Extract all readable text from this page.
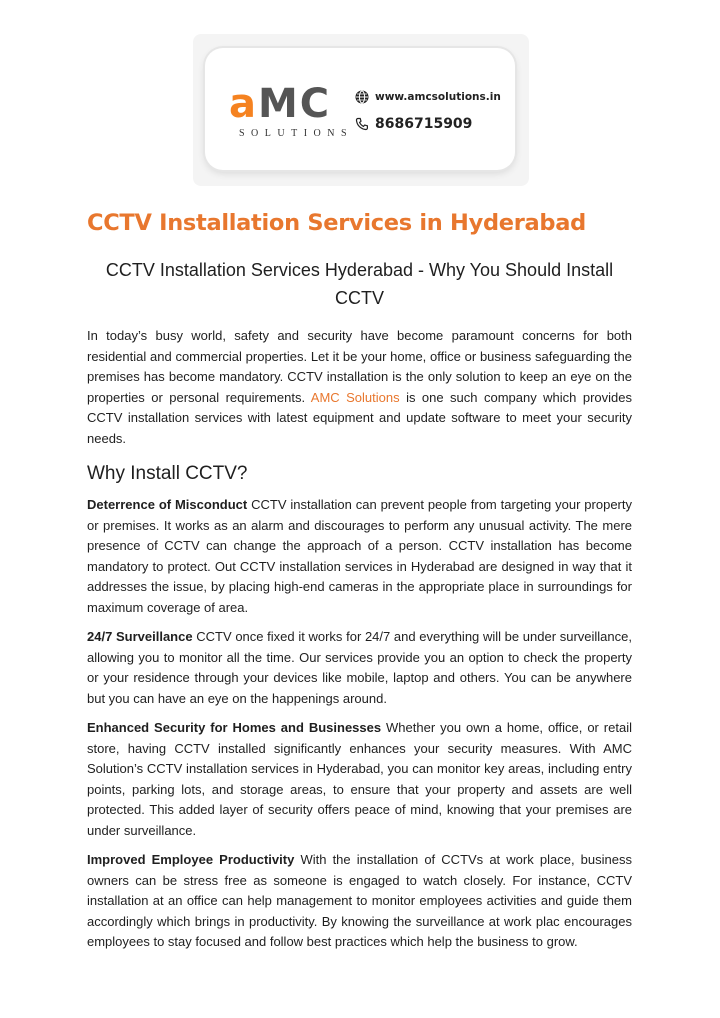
aMC
SOLUTIONS
www.amcsolutions.in
8686715909
CCTV Installation Services in Hyderabad
CCTV Installation Services Hyderabad - Why You Should Install CCTV

In today’s busy world, safety and security have become paramount concerns for both residential and commercial properties. Let it be your home, office or business safeguarding the premises has become mandatory. CCTV installation is the only solution to keep an eye on the properties or personal requirements. AMC Solutions is one such company which provides CCTV installation services with latest equipment and update software to meet your security needs.

Why Install CCTV?

Deterrence of Misconduct CCTV installation can prevent people from targeting your property or premises. It works as an alarm and discourages to perform any unusual activity. The mere presence of CCTV can change the approach of a person. CCTV installation has become mandatory to protect. Out CCTV installation services in Hyderabad are designed in way that it addresses the issue, by placing high-end cameras in the appropriate place in surroundings for maximum coverage of area.

24/7 Surveillance CCTV once fixed it works for 24/7 and everything will be under surveillance, allowing you to monitor all the time. Our services provide you an option to check the property or your residence through your devices like mobile, laptop and others. You can be anywhere but you can have an eye on the happenings around.

Enhanced Security for Homes and Businesses Whether you own a home, office, or retail store, having CCTV installed significantly enhances your security measures. With AMC Solution’s CCTV installation services in Hyderabad, you can monitor key areas, including entry points, parking lots, and storage areas, to ensure that your property and assets are well protected. This added layer of security offers peace of mind, knowing that your premises are under surveillance.

Improved Employee Productivity With the installation of CCTVs at work place, business owners can be stress free as someone is engaged to watch closely. For instance, CCTV installation at an office can help management to monitor employees activities and guide them accordingly which brings in productivity. By knowing the surveillance at work plac encourages employees to stay focused and follow best practices which help the business to grow.
